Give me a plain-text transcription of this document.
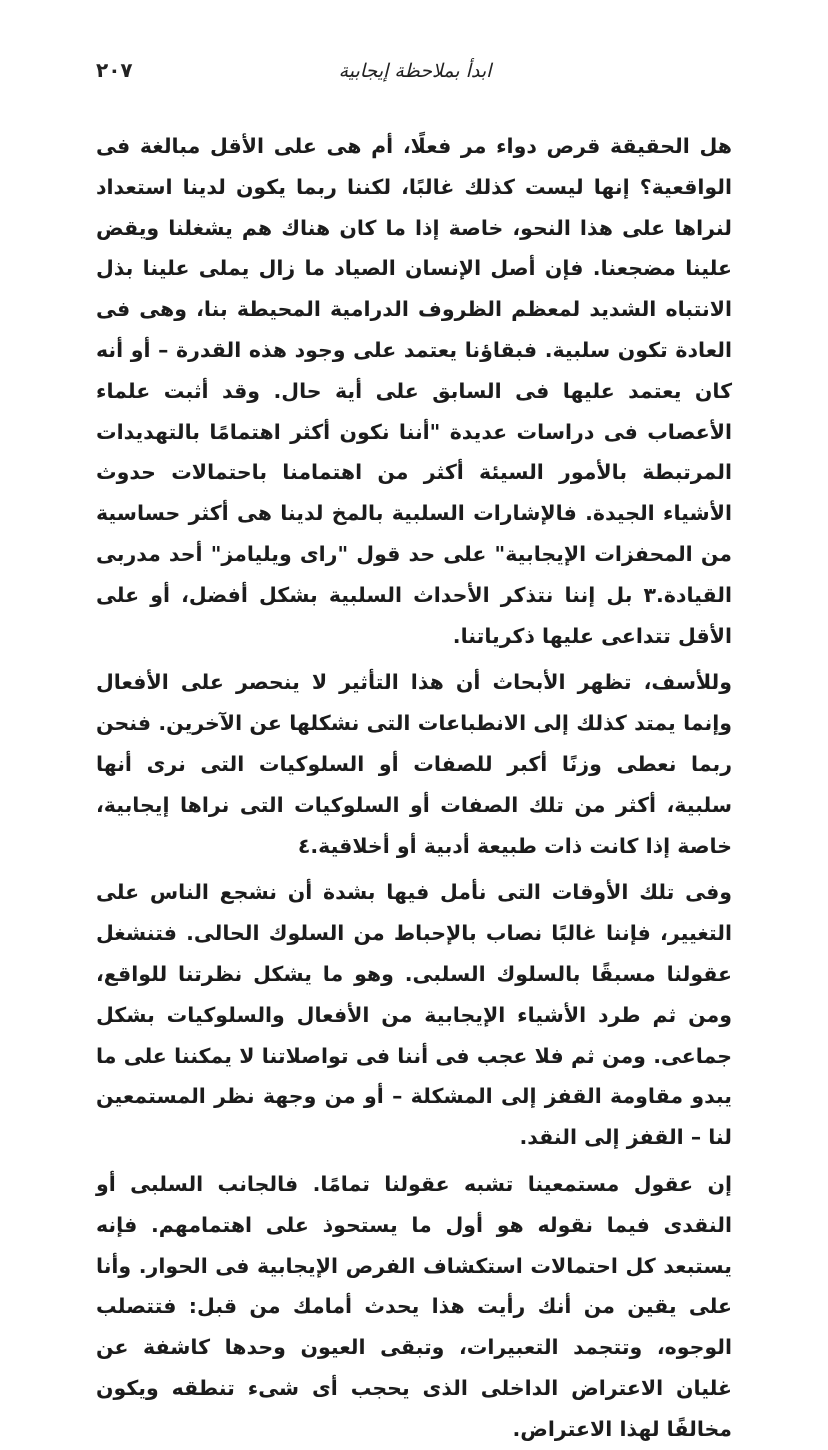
ابدأ بملاحظة إيجابية
٢٠٧

هل الحقيقة قرص دواء مر فعلًا، أم هى على الأقل مبالغة فى الواقعية؟ إنها ليست كذلك غالبًا، لكننا ربما يكون لدينا استعداد لنراها على هذا النحو، خاصة إذا ما كان هناك هم يشغلنا ويقض علينا مضجعنا. فإن أصل الإنسان الصياد ما زال يملى علينا بذل الانتباه الشديد لمعظم الظروف الدرامية المحيطة بنا، وهى فى العادة تكون سلبية. فبقاؤنا يعتمد على وجود هذه القدرة – أو أنه كان يعتمد عليها فى السابق على أية حال. وقد أثبت علماء الأعصاب فى دراسات عديدة "أننا نكون أكثر اهتمامًا بالتهديدات المرتبطة بالأمور السيئة أكثر من اهتمامنا باحتمالات حدوث الأشياء الجيدة. فالإشارات السلبية بالمخ لدينا هى أكثر حساسية من المحفزات الإيجابية" على حد قول "راى ويليامز" أحد مدربى القيادة.٣ بل إننا نتذكر الأحداث السلبية بشكل أفضل، أو على الأقل تتداعى عليها ذكرياتنا.

وللأسف، تظهر الأبحاث أن هذا التأثير لا ينحصر على الأفعال وإنما يمتد كذلك إلى الانطباعات التى نشكلها عن الآخرين. فنحن ربما نعطى وزنًا أكبر للصفات أو السلوكيات التى نرى أنها سلبية، أكثر من تلك الصفات أو السلوكيات التى نراها إيجابية، خاصة إذا كانت ذات طبيعة أدبية أو أخلاقية.٤

وفى تلك الأوقات التى نأمل فيها بشدة أن نشجع الناس على التغيير، فإننا غالبًا نصاب بالإحباط من السلوك الحالى. فتنشغل عقولنا مسبقًا بالسلوك السلبى. وهو ما يشكل نظرتنا للواقع، ومن ثم طرد الأشياء الإيجابية من الأفعال والسلوكيات بشكل جماعى. ومن ثم فلا عجب فى أننا فى تواصلاتنا لا يمكننا على ما يبدو مقاومة القفز إلى المشكلة – أو من وجهة نظر المستمعين لنا – القفز إلى النقد.

إن عقول مستمعينا تشبه عقولنا تمامًا. فالجانب السلبى أو النقدى فيما نقوله هو أول ما يستحوذ على اهتمامهم. فإنه يستبعد كل احتمالات استكشاف الفرص الإيجابية فى الحوار. وأنا على يقين من أنك رأيت هذا يحدث أمامك من قبل: فتتصلب الوجوه، وتتجمد التعبيرات، وتبقى العيون وحدها كاشفة عن غليان الاعتراض الداخلى الذى يحجب أى شىء تنطقه ويكون مخالفًا لهذا الاعتراض.
